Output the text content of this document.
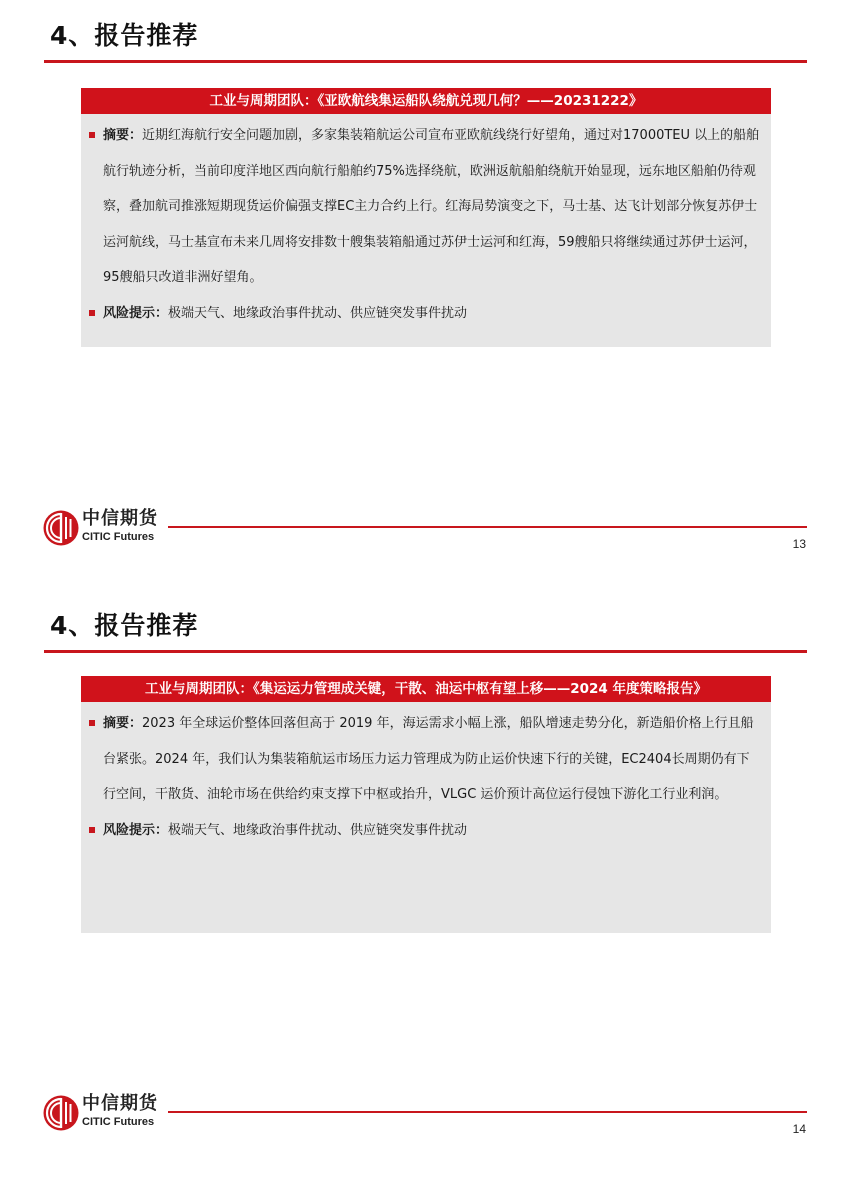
4、报告推荐
工业与周期团队：《亚欧航线集运船队绕航兑现几何？——20231222》
摘要：近期红海航行安全问题加剧，多家集装箱航运公司宣布亚欧航线绕行好望角，通过对17000TEU 以上的船舶航行轨迹分析，当前印度洋地区西向航行船舶约75%选择绕航，欧洲返航船舶绕航开始显现，远东地区船舶仍待观察，叠加航司推涨短期现货运价偏强支撑EC主力合约上行。红海局势演变之下，马士基、达飞计划部分恢复苏伊士运河航线，马士基宣布未来几周将安排数十艘集装箱船通过苏伊士运河和红海，59艘船只将继续通过苏伊士运河，95艘船只改道非洲好望角。
风险提示：极端天气、地缘政治事件扰动、供应链突发事件扰动
中信期货
CITIC Futures	13
4、报告推荐
工业与周期团队：《集运运力管理成关键，干散、油运中枢有望上移——2024 年度策略报告》
摘要：2023 年全球运价整体回落但高于 2019 年，海运需求小幅上涨，船队增速走势分化，新造船价格上行且船台紧张。2024 年，我们认为集装箱航运市场压力运力管理成为防止运价快速下行的关键，EC2404长周期仍有下行空间，干散货、油轮市场在供给约束支撑下中枢或抬升，VLGC 运价预计高位运行侵蚀下游化工行业利润。
风险提示：极端天气、地缘政治事件扰动、供应链突发事件扰动
中信期货
CITIC Futures	14
